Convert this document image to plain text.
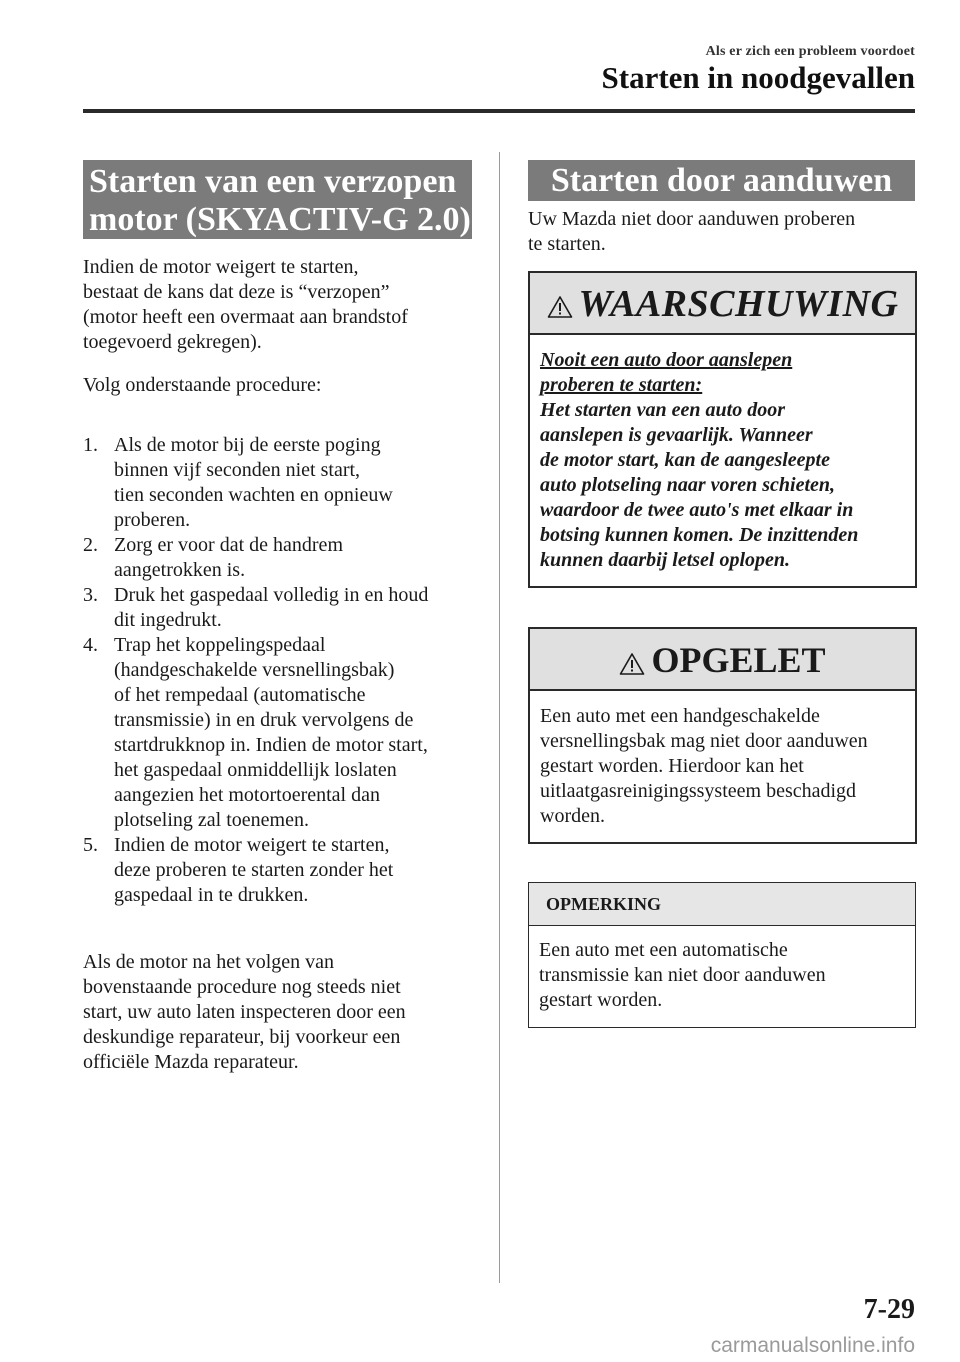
Als er zich een probleem voordoet
Starten in noodgevallen
Starten van een verzopen
motor (SKYACTIV-G 2.0)
Indien de motor weigert te starten,
bestaat de kans dat deze is “verzopen”
(motor heeft een overmaat aan brandstof
toegevoerd gekregen).
Volg onderstaande procedure:
1. Als de motor bij de eerste poging
binnen vijf seconden niet start,
tien seconden wachten en opnieuw
proberen.
2. Zorg er voor dat de handrem
aangetrokken is.
3. Druk het gaspedaal volledig in en houd
dit ingedrukt.
4. Trap het koppelingspedaal
(handgeschakelde versnellingsbak)
of het rempedaal (automatische
transmissie) in en druk vervolgens de
startdrukknop in. Indien de motor start,
het gaspedaal onmiddellijk loslaten
aangezien het motortoerental dan
plotseling zal toenemen.
5. Indien de motor weigert te starten,
deze proberen te starten zonder het
gaspedaal in te drukken.
Als de motor na het volgen van
bovenstaande procedure nog steeds niet
start, uw auto laten inspecteren door een
deskundige reparateur, bij voorkeur een
officiële Mazda reparateur.
Starten door aanduwen
Uw Mazda niet door aanduwen proberen
te starten.
WAARSCHUWING
Nooit een auto door aanslepen
proberen te starten:
Het starten van een auto door
aanslepen is gevaarlijk. Wanneer
de motor start, kan de aangesleepte
auto plotseling naar voren schieten,
waardoor de twee auto's met elkaar in
botsing kunnen komen. De inzittenden
kunnen daarbij letsel oplopen.
OPGELET
Een auto met een handgeschakelde
versnellingsbak mag niet door aanduwen
gestart worden. Hierdoor kan het
uitlaatgasreinigingssysteem beschadigd
worden.
OPMERKING
Een auto met een automatische
transmissie kan niet door aanduwen
gestart worden.
7-29
carmanualsonline.info
